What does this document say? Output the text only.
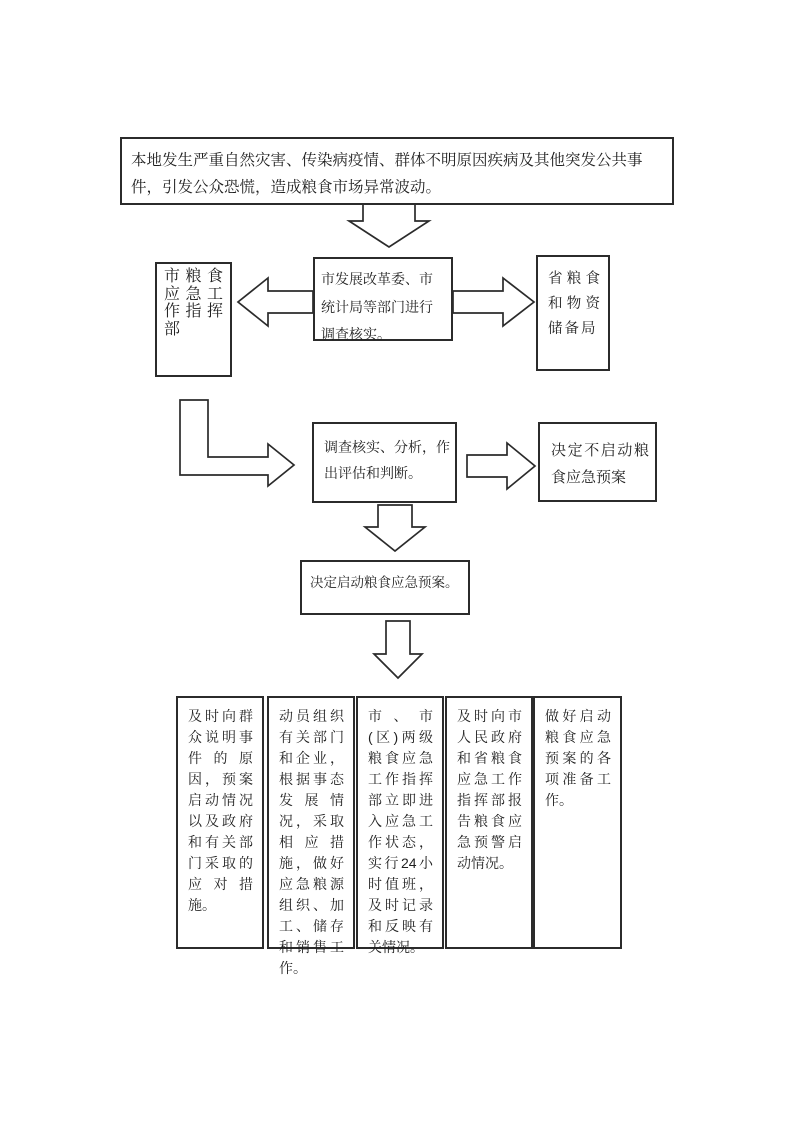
本地发生严重自然灾害、传染病疫情、群体不明原因疾病及其他突发公共事件，引发公众恐慌，造成粮食市场异常波动。
市粮食应急工作指挥部
市发展改革委、市统计局等部门进行调查核实。
省粮食和物资储备局
调查核实、分析，作出评估和判断。
决定不启动粮食应急预案
决定启动粮食应急预案。
及时向群众说明事件的原因，预案启动情况以及政府和有关部门采取的应对措施。
动员组织有关部门和企业，根据事态发展情况，采取相应措施，做好应急粮源组织、加工、储存和销售工作。
市、市(区)两级粮食应急工作指挥部立即进入应急工作状态，实行24小时值班，及时记录和反映有关情况。
及时向市人民政府和省粮食应急工作指挥部报告粮食应急预警启动情况。
做好启动粮食应急预案的各项准备工作。
